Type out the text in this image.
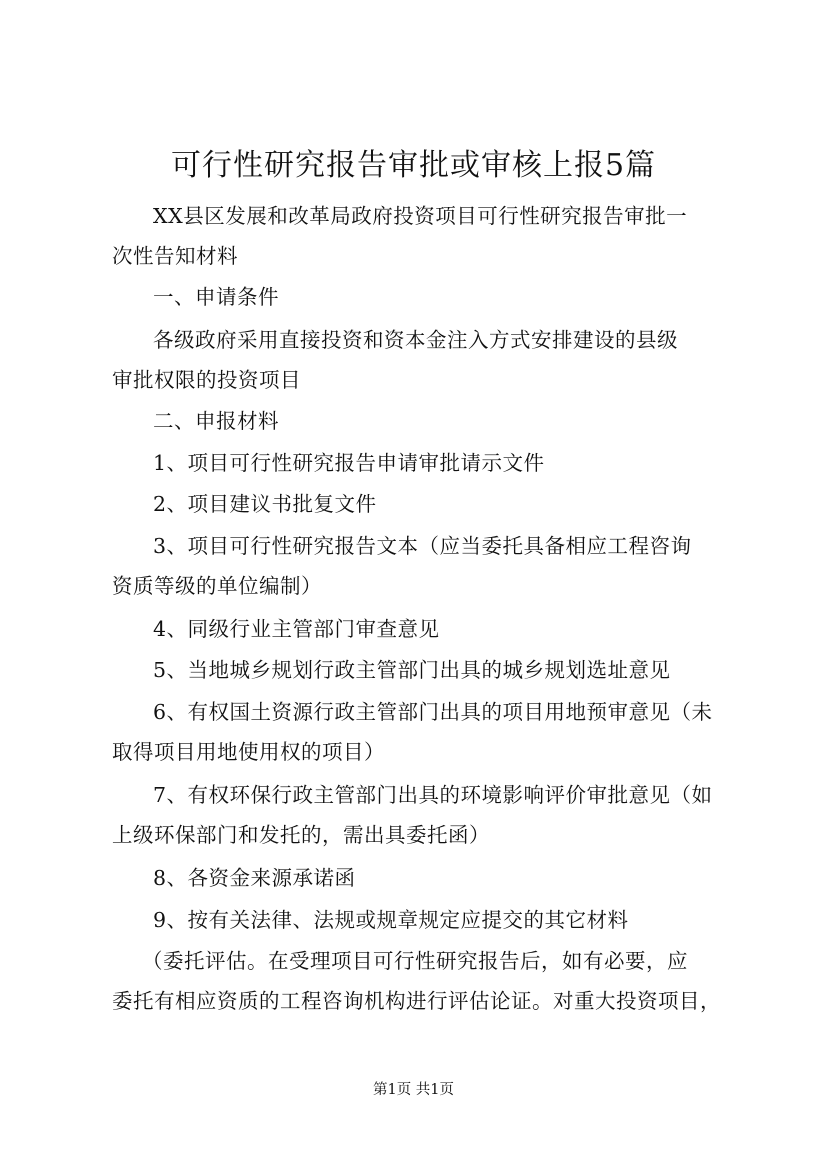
可行性研究报告审批或审核上报5篇
XX县区发展和改革局政府投资项目可行性研究报告审批一
次性告知材料
一、申请条件
各级政府采用直接投资和资本金注入方式安排建设的县级
审批权限的投资项目
二、申报材料
1、项目可行性研究报告申请审批请示文件
2、项目建议书批复文件
3、项目可行性研究报告文本（应当委托具备相应工程咨询
资质等级的单位编制）
4、同级行业主管部门审查意见
5、当地城乡规划行政主管部门出具的城乡规划选址意见
6、有权国土资源行政主管部门出具的项目用地预审意见（未
取得项目用地使用权的项目）
7、有权环保行政主管部门出具的环境影响评价审批意见（如
上级环保部门和发托的，需出具委托函）
8、各资金来源承诺函
9、按有关法律、法规或规章规定应提交的其它材料
（委托评估。在受理项目可行性研究报告后，如有必要，应
委托有相应资质的工程咨询机构进行评估论证。对重大投资项目，
第1页 共1页
